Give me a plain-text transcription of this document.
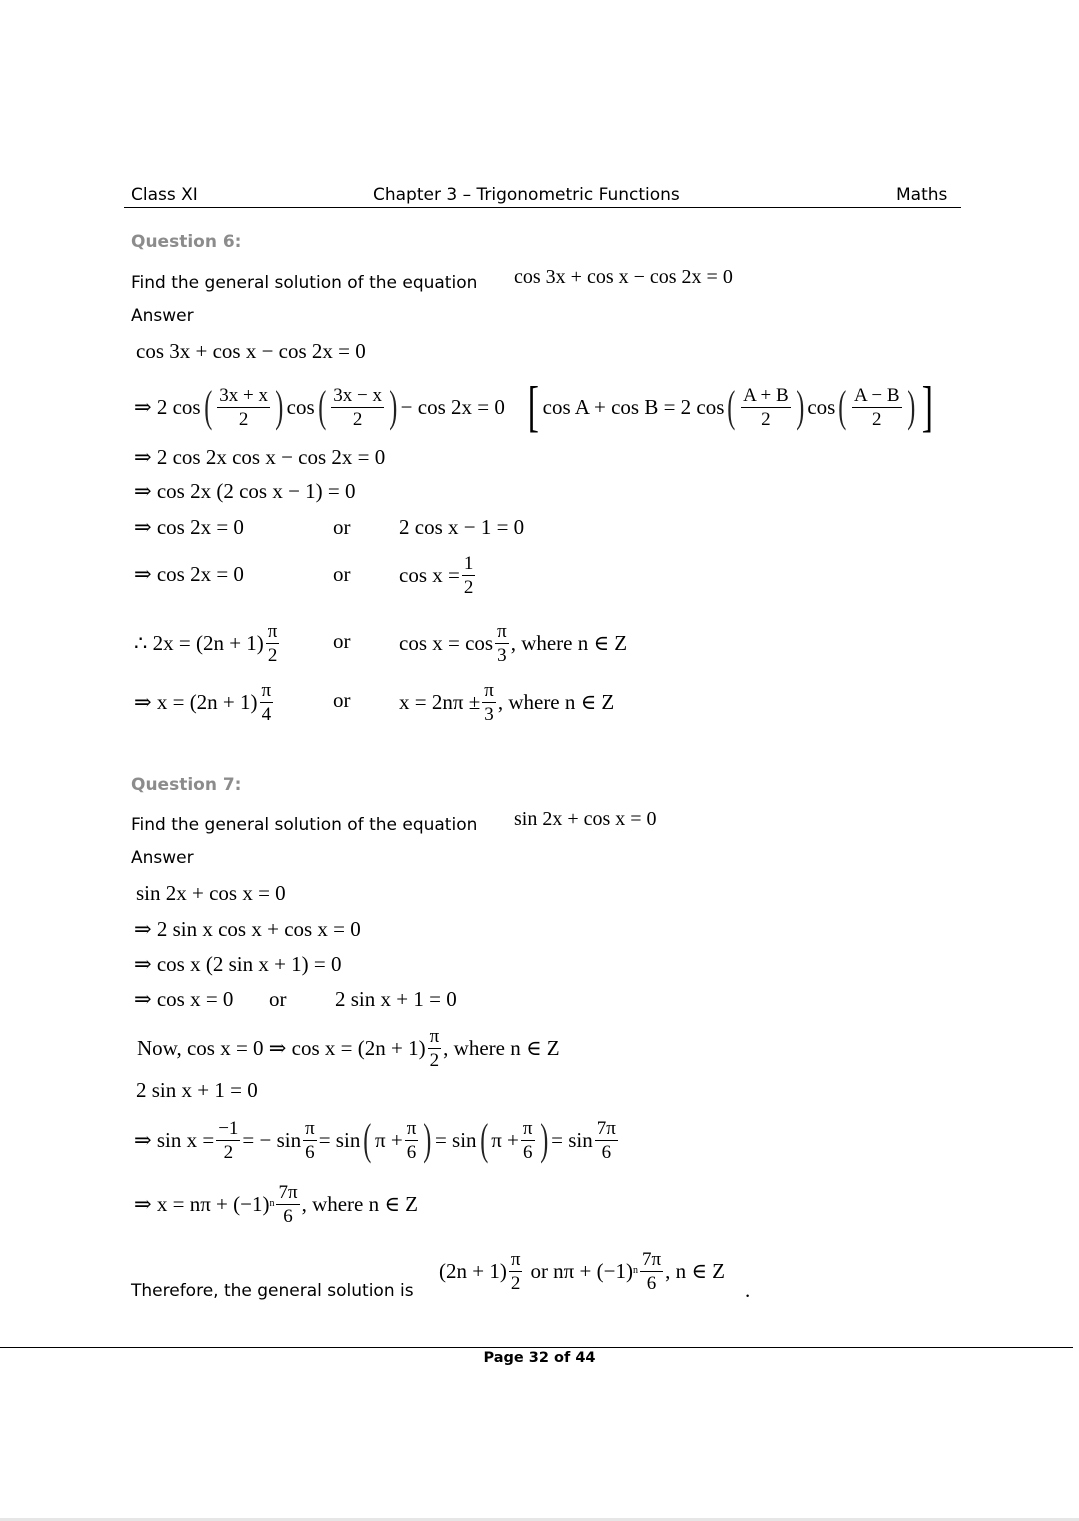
Class XI	Chapter 3 – Trigonometric Functions	Maths
Question 6:
Find the general solution of the equation cos 3x + cos x − cos 2x = 0
Answer
cos 3x + cos x − cos 2x = 0
⇒ 2 cos ( $\frac{3x + x}{2}$ ) cos ( $\frac{3x - x}{2}$ ) − cos 2x = 0 [ cos A + cos B = 2 cos ( $\frac{A + B}{2}$ ) cos ( $\frac{A - B}{2}$ ) ]
⇒ 2 cos 2x cos x − cos 2x = 0
⇒ cos 2x (2 cos x − 1) = 0
⇒ cos 2x = 0	or 2 cos x − 1 = 0
⇒ cos 2x = 0	or $\cos x = \frac{1}{2}$
∴ $2x = (2n + 1) \frac{\pi}{2}$	or $\cos x = \cos \frac{\pi}{3}$ , where n ∈ Z
⇒ $x = (2n + 1) \frac{\pi}{4}$	or $x = 2n\pi \pm \frac{\pi}{3}$ , where n ∈ Z
Question 7:
Find the general solution of the equation sin 2x + cos x = 0
Answer
sin 2x + cos x = 0
⇒ 2 sin x cos x + cos x = 0
⇒ cos x (2 sin x + 1) = 0
⇒ cos x = 0 or 2 sin x + 1 = 0
Now, cos x = 0 ⇒ $\cos x = (2n + 1) \frac{\pi}{2}$ , where n ∈ Z
2 sin x + 1 = 0
⇒ $\sin x = \frac{-1}{2}$ = − $\sin \frac{\pi}{6} = \sin$ ( $\pi + \frac{\pi}{6}$ ) = sin ( $\pi + \frac{\pi}{6}$ ) = $\sin \frac{7\pi}{6}$
⇒ x = nπ + (−1) n $\frac{7\pi}{6}$ , where n ∈ Z
Therefore, the general solution is
$(2n + 1) \frac{\pi}{2}$ or nπ + (−1) n $\frac{7\pi}{6}$ , n ∈ Z
.
Page 32 of 44
